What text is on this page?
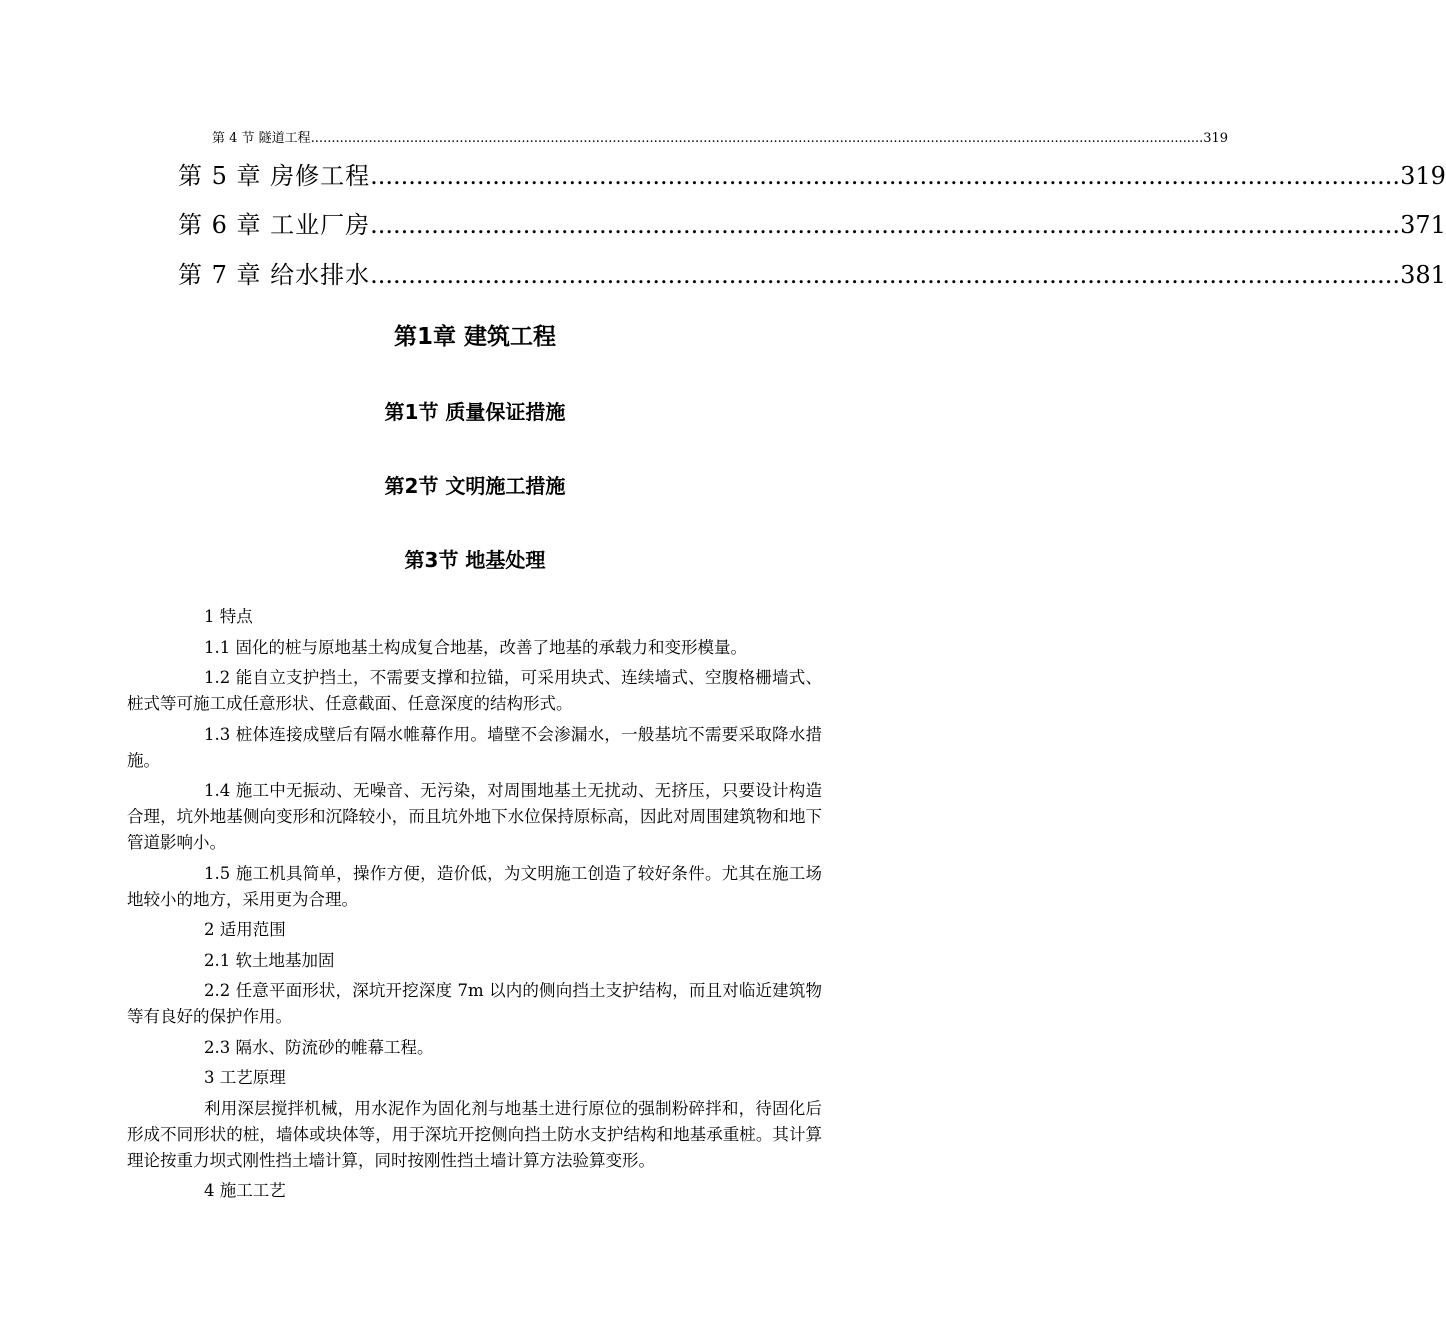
第 4 节 隧道工程 ........................................................................................................................................................................................................................ 319
第 5 章 房修工程 ....................................................................................................................................... 319
第 6 章 工业厂房 ....................................................................................................................................... 371
第 7 章 给水排水 ....................................................................................................................................... 381
第1章 建筑工程
第1节 质量保证措施
第2节 文明施工措施
第3节 地基处理

1 特点

1.1 固化的桩与原地基土构成复合地基，改善了地基的承载力和变形模量。

1.2 能自立支护挡土，不需要支撑和拉锚，可采用块式、连续墙式、空腹格栅墙式、桩式等可施工成任意形状、任意截面、任意深度的结构形式。

1.3 桩体连接成壁后有隔水帷幕作用。墙壁不会渗漏水，一般基坑不需要采取降水措施。

1.4 施工中无振动、无噪音、无污染，对周围地基土无扰动、无挤压，只要设计构造合理，坑外地基侧向变形和沉降较小，而且坑外地下水位保持原标高，因此对周围建筑物和地下管道影响小。

1.5 施工机具简单，操作方便，造价低，为文明施工创造了较好条件。尤其在施工场地较小的地方，采用更为合理。

2 适用范围

2.1 软土地基加固

2.2 任意平面形状，深坑开挖深度 7m 以内的侧向挡土支护结构，而且对临近建筑物等有良好的保护作用。

2.3 隔水、防流砂的帷幕工程。

3 工艺原理

利用深层搅拌机械，用水泥作为固化剂与地基土进行原位的强制粉碎拌和，待固化后形成不同形状的桩，墙体或块体等，用于深坑开挖侧向挡土防水支护结构和地基承重桩。其计算理论按重力坝式刚性挡土墙计算，同时按刚性挡土墙计算方法验算变形。

4 施工工艺
